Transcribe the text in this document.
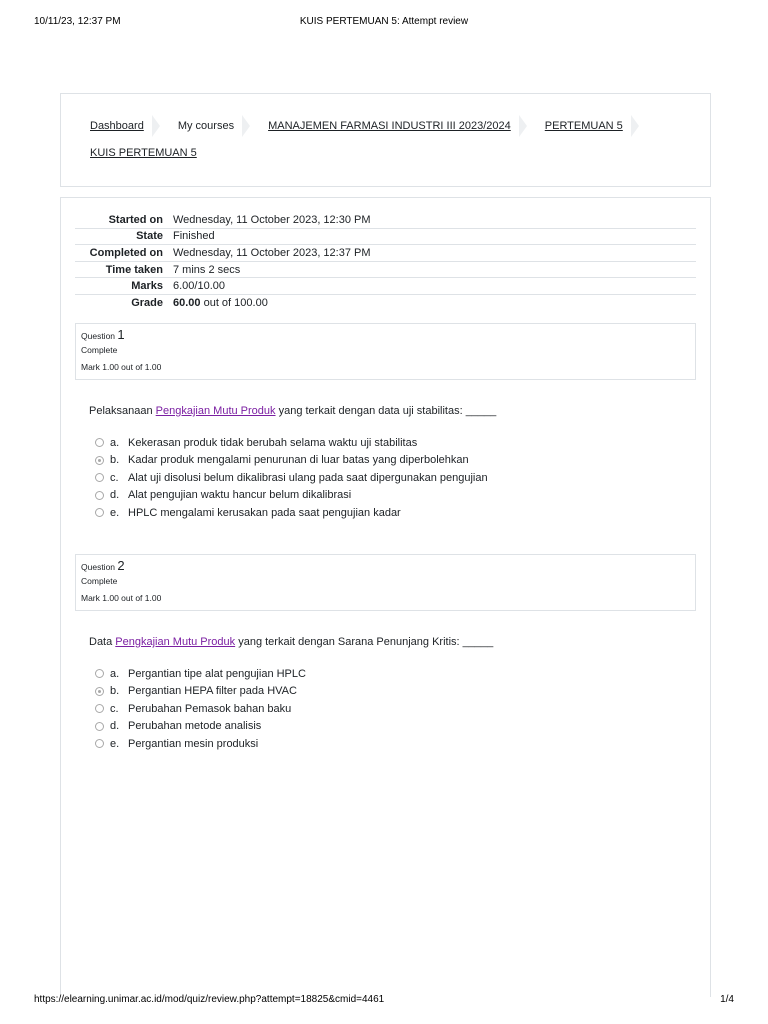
10/11/23, 12:37 PM	KUIS PERTEMUAN 5: Attempt review
Dashboard	My courses	MANAJEMEN FARMASI INDUSTRI III 2023/2024	PERTEMUAN 5
KUIS PERTEMUAN 5
Started on Wednesday, 11 October 2023, 12:30 PM
State Finished
Completed on Wednesday, 11 October 2023, 12:37 PM
Time taken 7 mins 2 secs
Marks 6.00/10.00
Grade 60.00 out of 100.00
Question 1
Complete
Mark 1.00 out of 1.00
Pelaksanaan Pengkajian Mutu Produk yang terkait dengan data uji stabilitas: _____
a. Kekerasan produk tidak berubah selama waktu uji stabilitas
b. Kadar produk mengalami penurunan di luar batas yang diperbolehkan
c. Alat uji disolusi belum dikalibrasi ulang pada saat dipergunakan pengujian
d. Alat pengujian waktu hancur belum dikalibrasi
e. HPLC mengalami kerusakan pada saat pengujian kadar
Question 2
Complete
Mark 1.00 out of 1.00
Data Pengkajian Mutu Produk yang terkait dengan Sarana Penunjang Kritis: _____
a. Pergantian tipe alat pengujian HPLC
b. Pergantian HEPA filter pada HVAC
c. Perubahan Pemasok bahan baku
d. Perubahan metode analisis
e. Pergantian mesin produksi
https://elearning.unimar.ac.id/mod/quiz/review.php?attempt=18825&cmid=4461	1/4
